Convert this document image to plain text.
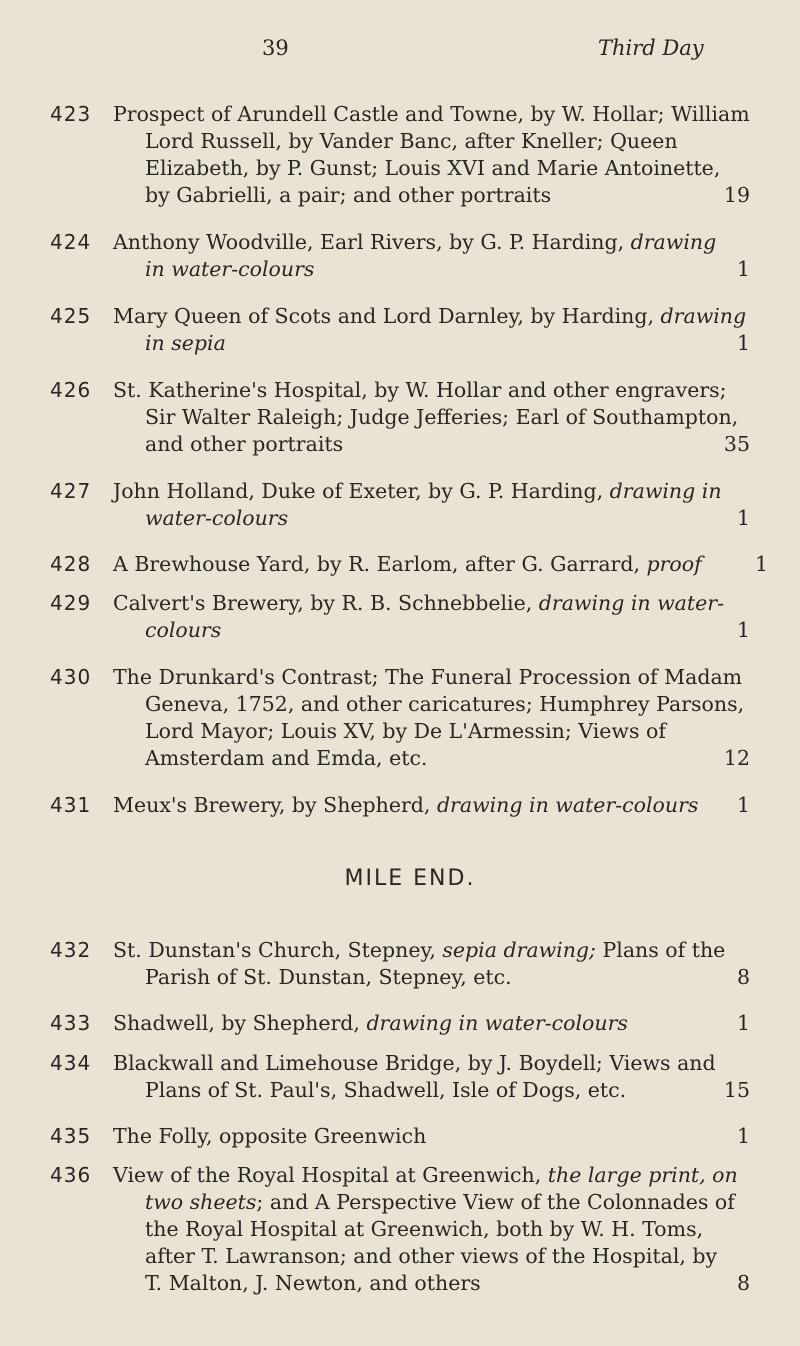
39	Third Day
423	Prospect of Arundell Castle and Towne, by W. Hollar; William
Lord Russell, by Vander Banc, after Kneller; Queen
Elizabeth, by P. Gunst; Louis XVI and Marie Antoinette,
by Gabrielli, a pair; and other portraits	19
424	Anthony Woodville, Earl Rivers, by G. P. Harding, drawing
in water-colours	1
425	Mary Queen of Scots and Lord Darnley, by Harding, drawing
in sepia	1
426	St. Katherine's Hospital, by W. Hollar and other engravers;
Sir Walter Raleigh; Judge Jefferies; Earl of Southampton,
and other portraits	35
427	John Holland, Duke of Exeter, by G. P. Harding, drawing in
water-colours	1
428	A Brewhouse Yard, by R. Earlom, after G. Garrard, proof	1
429	Calvert's Brewery, by R. B. Schnebbelie, drawing in water-
colours	1
430	The Drunkard's Contrast; The Funeral Procession of Madam
Geneva, 1752, and other caricatures; Humphrey Parsons,
Lord Mayor; Louis XV, by De L'Armessin; Views of
Amsterdam and Emda, etc.	12
431	Meux's Brewery, by Shepherd, drawing in water-colours	1
MILE END.
432	St. Dunstan's Church, Stepney, sepia drawing; Plans of the
Parish of St. Dunstan, Stepney, etc.	8
433	Shadwell, by Shepherd, drawing in water-colours	1
434	Blackwall and Limehouse Bridge, by J. Boydell; Views and
Plans of St. Paul's, Shadwell, Isle of Dogs, etc.	15
435	The Folly, opposite Greenwich	1
436	View of the Royal Hospital at Greenwich, the large print, on
two sheets; and A Perspective View of the Colonnades of
the Royal Hospital at Greenwich, both by W. H. Toms,
after T. Lawranson; and other views of the Hospital, by
T. Malton, J. Newton, and others	8
